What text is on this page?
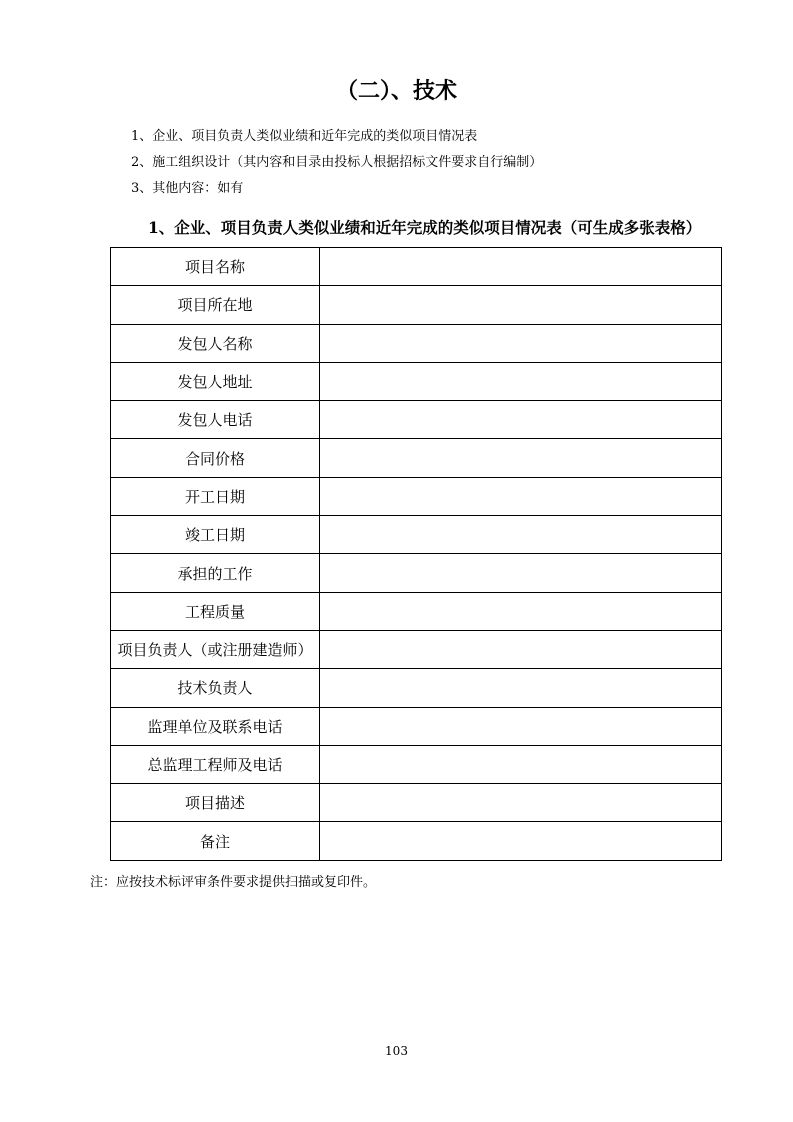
（二）、技术
1、企业、项目负责人类似业绩和近年完成的类似项目情况表
2、施工组织设计（其内容和目录由投标人根据招标文件要求自行编制）
3、其他内容：如有
1、企业、项目负责人类似业绩和近年完成的类似项目情况表（可生成多张表格）
项目名称	
项目所在地	
发包人名称	
发包人地址	
发包人电话	
合同价格	
开工日期	
竣工日期	
承担的工作	
工程质量	
项目负责人（或注册建造师）	
技术负责人	
监理单位及联系电话	
总监理工程师及电话	
项目描述	
备注	

注：应按技术标评审条件要求提供扫描或复印件。

103
